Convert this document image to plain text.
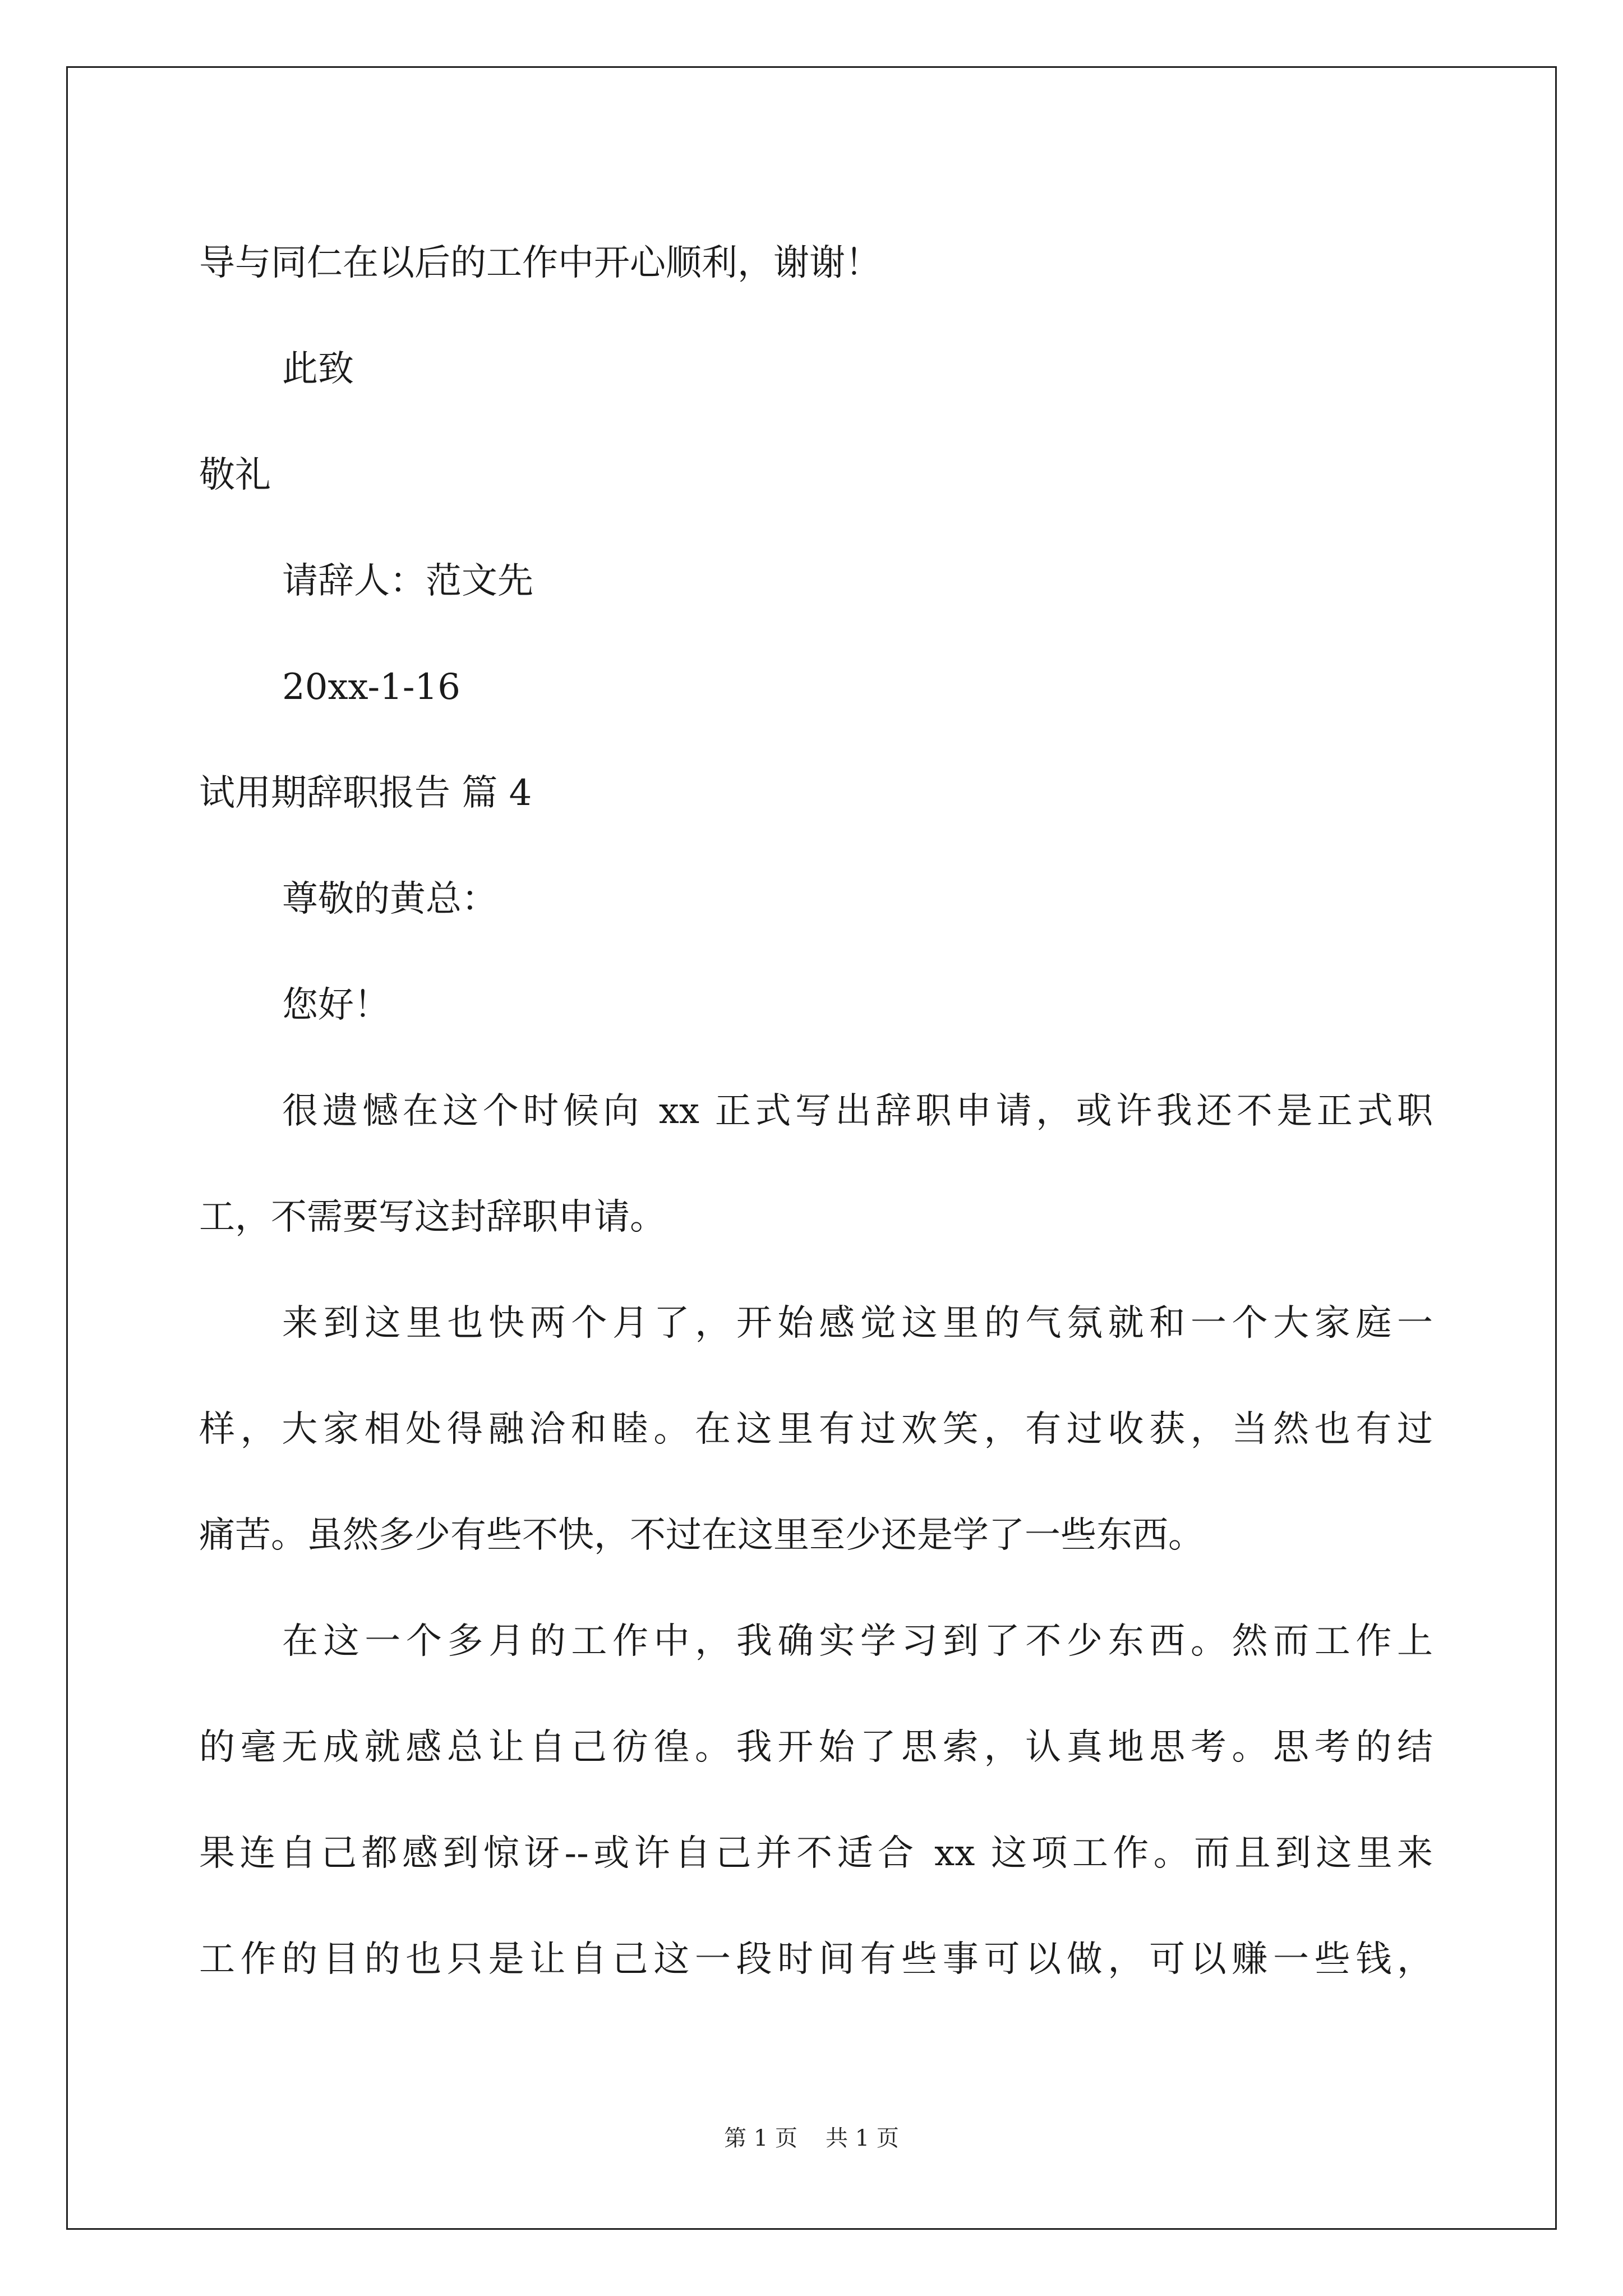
导与同仁在以后的工作中开心顺利，谢谢！
此致
敬礼
请辞人：范文先
20xx-1-16
试用期辞职报告 篇 4
尊敬的黄总：
您好！
很遗憾在这个时候向 xx 正式写出辞职申请，或许我还不是正式职
工，不需要写这封辞职申请。
来到这里也快两个月了，开始感觉这里的气氛就和一个大家庭一
样，大家相处得融洽和睦。在这里有过欢笑，有过收获，当然也有过
痛苦。虽然多少有些不快，不过在这里至少还是学了一些东西。
在这一个多月的工作中，我确实学习到了不少东西。然而工作上
的毫无成就感总让自己彷徨。我开始了思索，认真地思考。思考的结
果连自己都感到惊讶--或许自己并不适合 xx 这项工作。而且到这里来
工作的目的也只是让自己这一段时间有些事可以做，可以赚一些钱，
第 1 页 共 1 页
